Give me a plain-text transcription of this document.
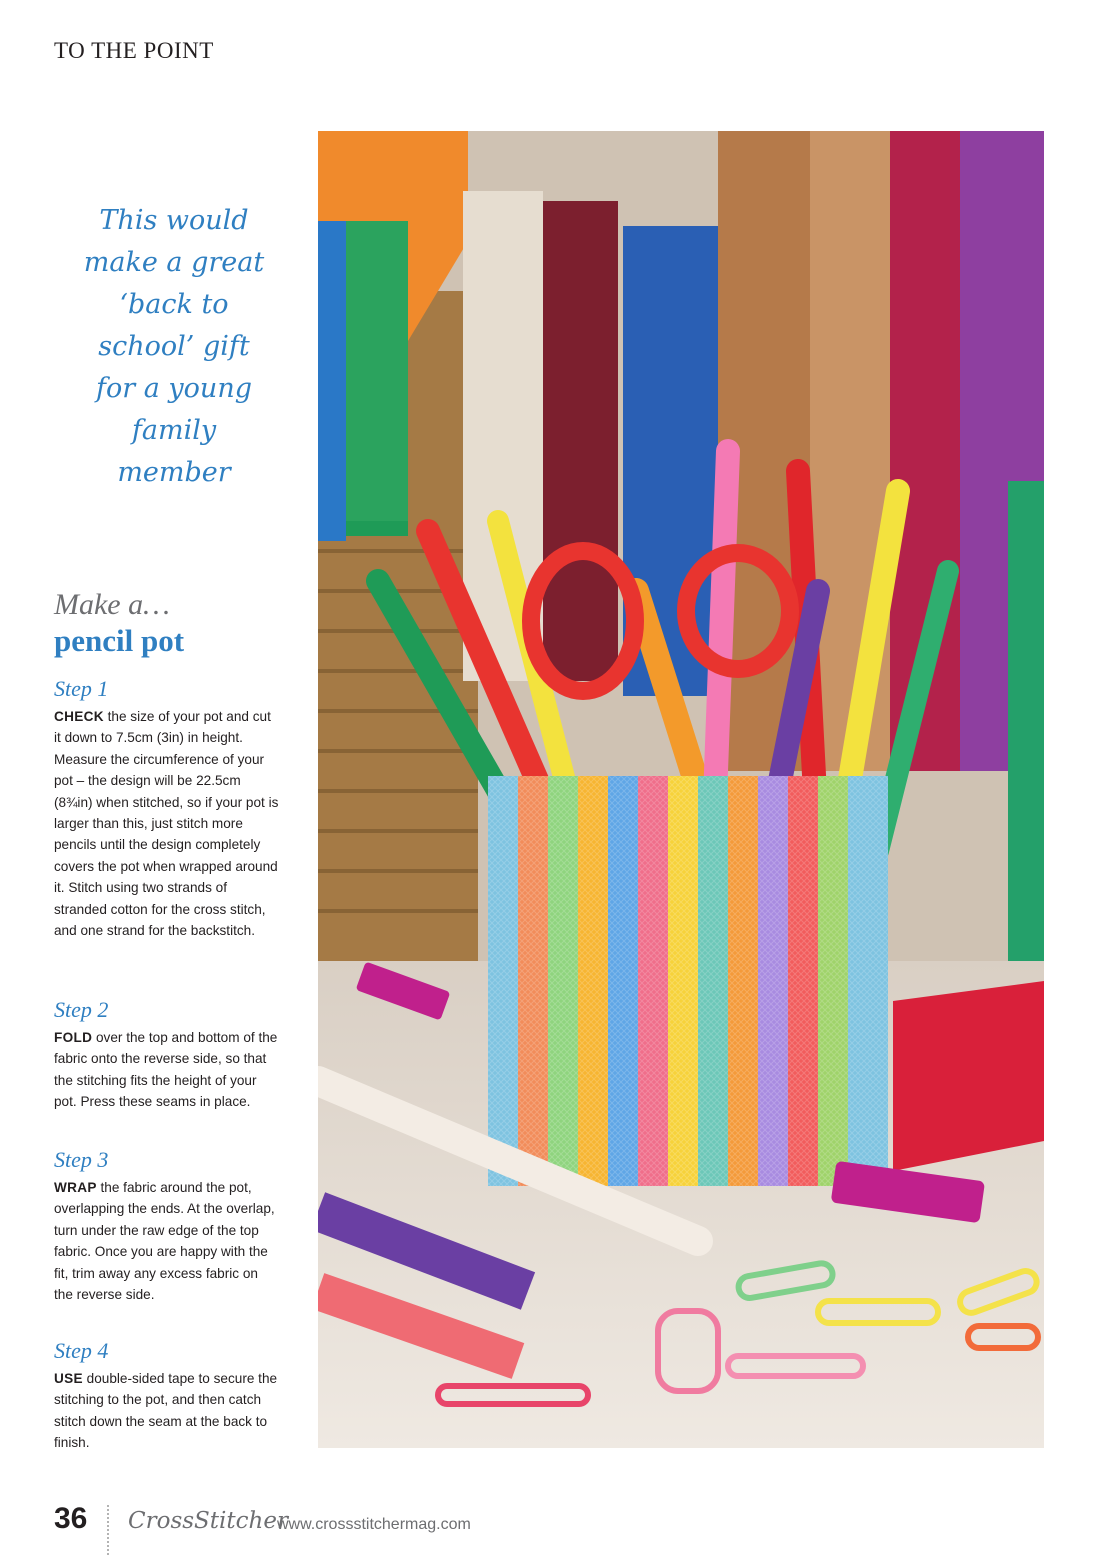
TO THE POINT
This would
make a great
‘back to
school’ gift
for a young
family
member
Make a…
pencil pot
Step 1
CHECK the size of your pot and cut it down to 7.5cm (3in) in height. Measure the circumference of your pot – the design will be 22.5cm (8¾in) when stitched, so if your pot is larger than this, just stitch more pencils until the design completely covers the pot when wrapped around it. Stitch using two strands of stranded cotton for the cross stitch, and one strand for the backstitch.
Step 2
FOLD over the top and bottom of the fabric onto the reverse side, so that the stitching fits the height of your pot. Press these seams in place.
Step 3
WRAP the fabric around the pot, overlapping the ends. At the overlap, turn under the raw edge of the top fabric. Once you are happy with the fit, trim away any excess fabric on the reverse side.
Step 4
USE double-sided tape to secure the stitching to the pot, and then catch stitch down the seam at the back to finish.
36 CrossStitcher
www.crossstitchermag.com
